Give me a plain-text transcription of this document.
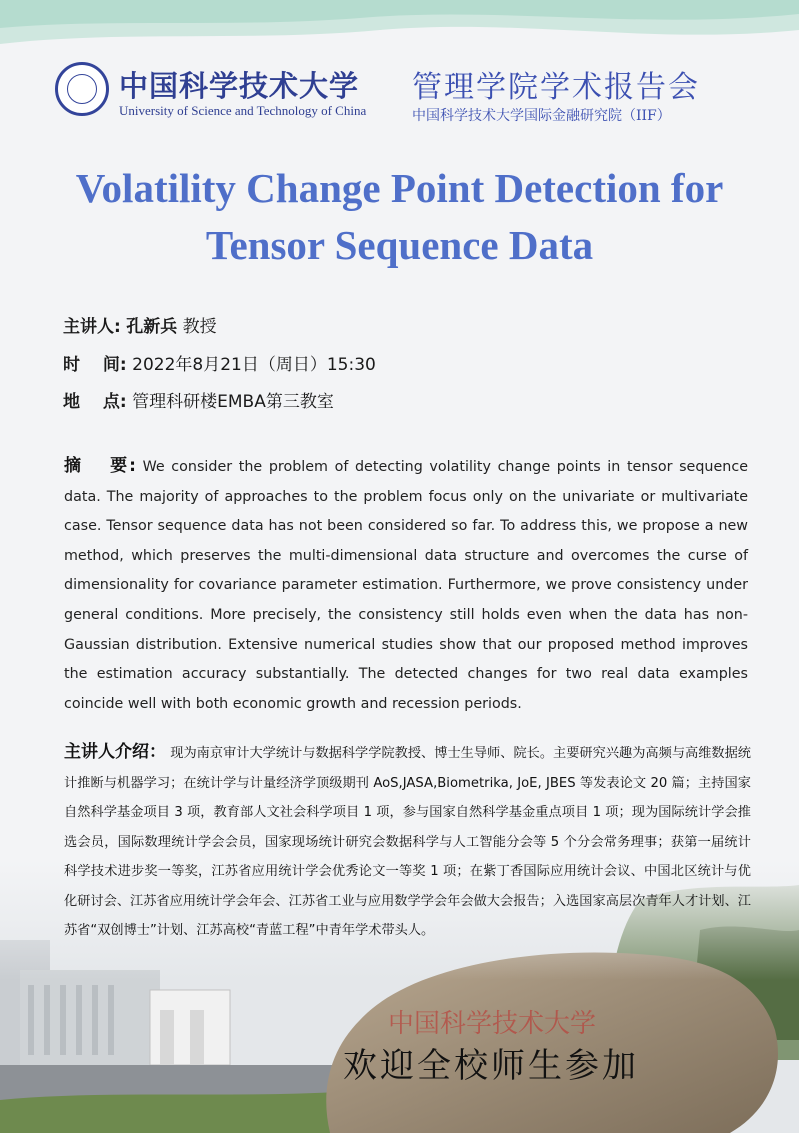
中国科学技术大学
University of Science and Technology of China
管理学院学术报告会
中国科学技术大学国际金融研究院（IIF）
Volatility Change Point Detection for
Tensor Sequence Data
主讲人: 孔新兵 教授
时　 间: 2022年8月21日（周日）15:30
地　 点: 管理科研楼EMBA第三教室
摘　 要: We consider the problem of detecting volatility change points in tensor sequence data. The majority of approaches to the problem focus only on the univariate or multivariate case. Tensor sequence data has not been considered so far. To address this, we propose a new method, which preserves the multi-dimensional data structure and overcomes the curse of dimensionality for covariance parameter estimation. Furthermore, we prove consistency under general conditions. More precisely, the consistency still holds even when the data has non-Gaussian distribution. Extensive numerical studies show that our proposed method improves the estimation accuracy substantially. The detected changes for two real data examples coincide well with both economic growth and recession periods.
中国科学技术大学
主讲人介绍： 现为南京审计大学统计与数据科学学院教授、博士生导师、院长。主要研究兴趣为高频与高维数据统计推断与机器学习；在统计学与计量经济学顶级期刊 AoS,JASA,Biometrika, JoE, JBES 等发表论文 20 篇；主持国家自然科学基金项目 3 项，教育部人文社会科学项目 1 项，参与国家自然科学基金重点项目 1 项；现为国际统计学会推选会员，国际数理统计学会会员，国家现场统计研究会数据科学与人工智能分会等 5 个分会常务理事；获第一届统计科学技术进步奖一等奖，江苏省应用统计学会优秀论文一等奖 1 项；在紫丁香国际应用统计会议、中国北区统计与优化研讨会、江苏省应用统计学会年会、江苏省工业与应用数学学会年会做大会报告；入选国家高层次青年人才计划、江苏省“双创博士”计划、江苏高校“青蓝工程”中青年学术带头人。
欢迎全校师生参加
